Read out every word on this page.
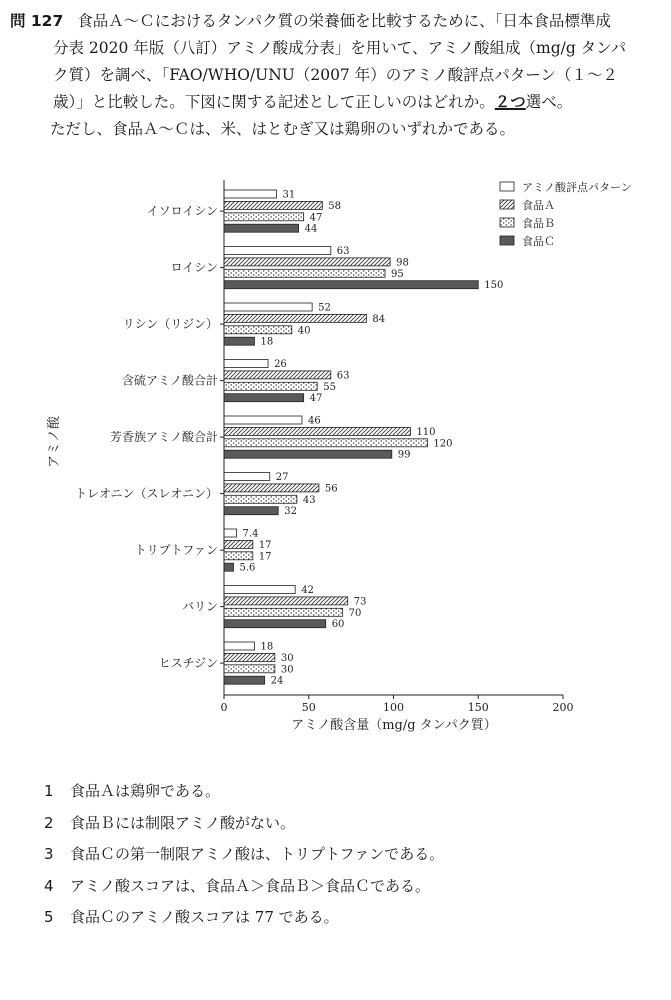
問 127 食品Ａ～Ｃにおけるタンパク質の栄養価を比較するために、「日本食品標準成
分表 2020 年版（八訂）アミノ酸成分表」を用いて、アミノ酸組成（mg/g タンパ
ク質）を調べ、「FAO/WHO/UNU（2007 年）のアミノ酸評点パターン（１～２
歳）」と比較した。下図に関する記述として正しいのはどれか。２つ選べ。
ただし、食品Ａ～Ｃは、米、はとむぎ又は鶏卵のいずれかである。
イソロイシン
31
58
47
44
ロイシン
63
98
95
150
リシン（リジン）
52
84
40
18
含硫アミノ酸合計
26
63
55
47
芳香族アミノ酸合計
46
110
120
99
トレオニン（スレオニン）
27
56
43
32
トリプトファン
7.4
17
17
5.6
バリン
42
73
70
60
ヒスチジン
18
30
30
24
0	50	100	150	200
アミノ酸評点パターン
食品Ａ
食品Ｂ
食品Ｃ
アミノ酸
アミノ酸含量（mg/g タンパク質）
1 食品Ａは鶏卵である。
2 食品Ｂには制限アミノ酸がない。
3 食品Ｃの第一制限アミノ酸は、トリプトファンである。
4 アミノ酸スコアは、食品Ａ＞食品Ｂ＞食品Ｃである。
5 食品Ｃのアミノ酸スコアは 77 である。
